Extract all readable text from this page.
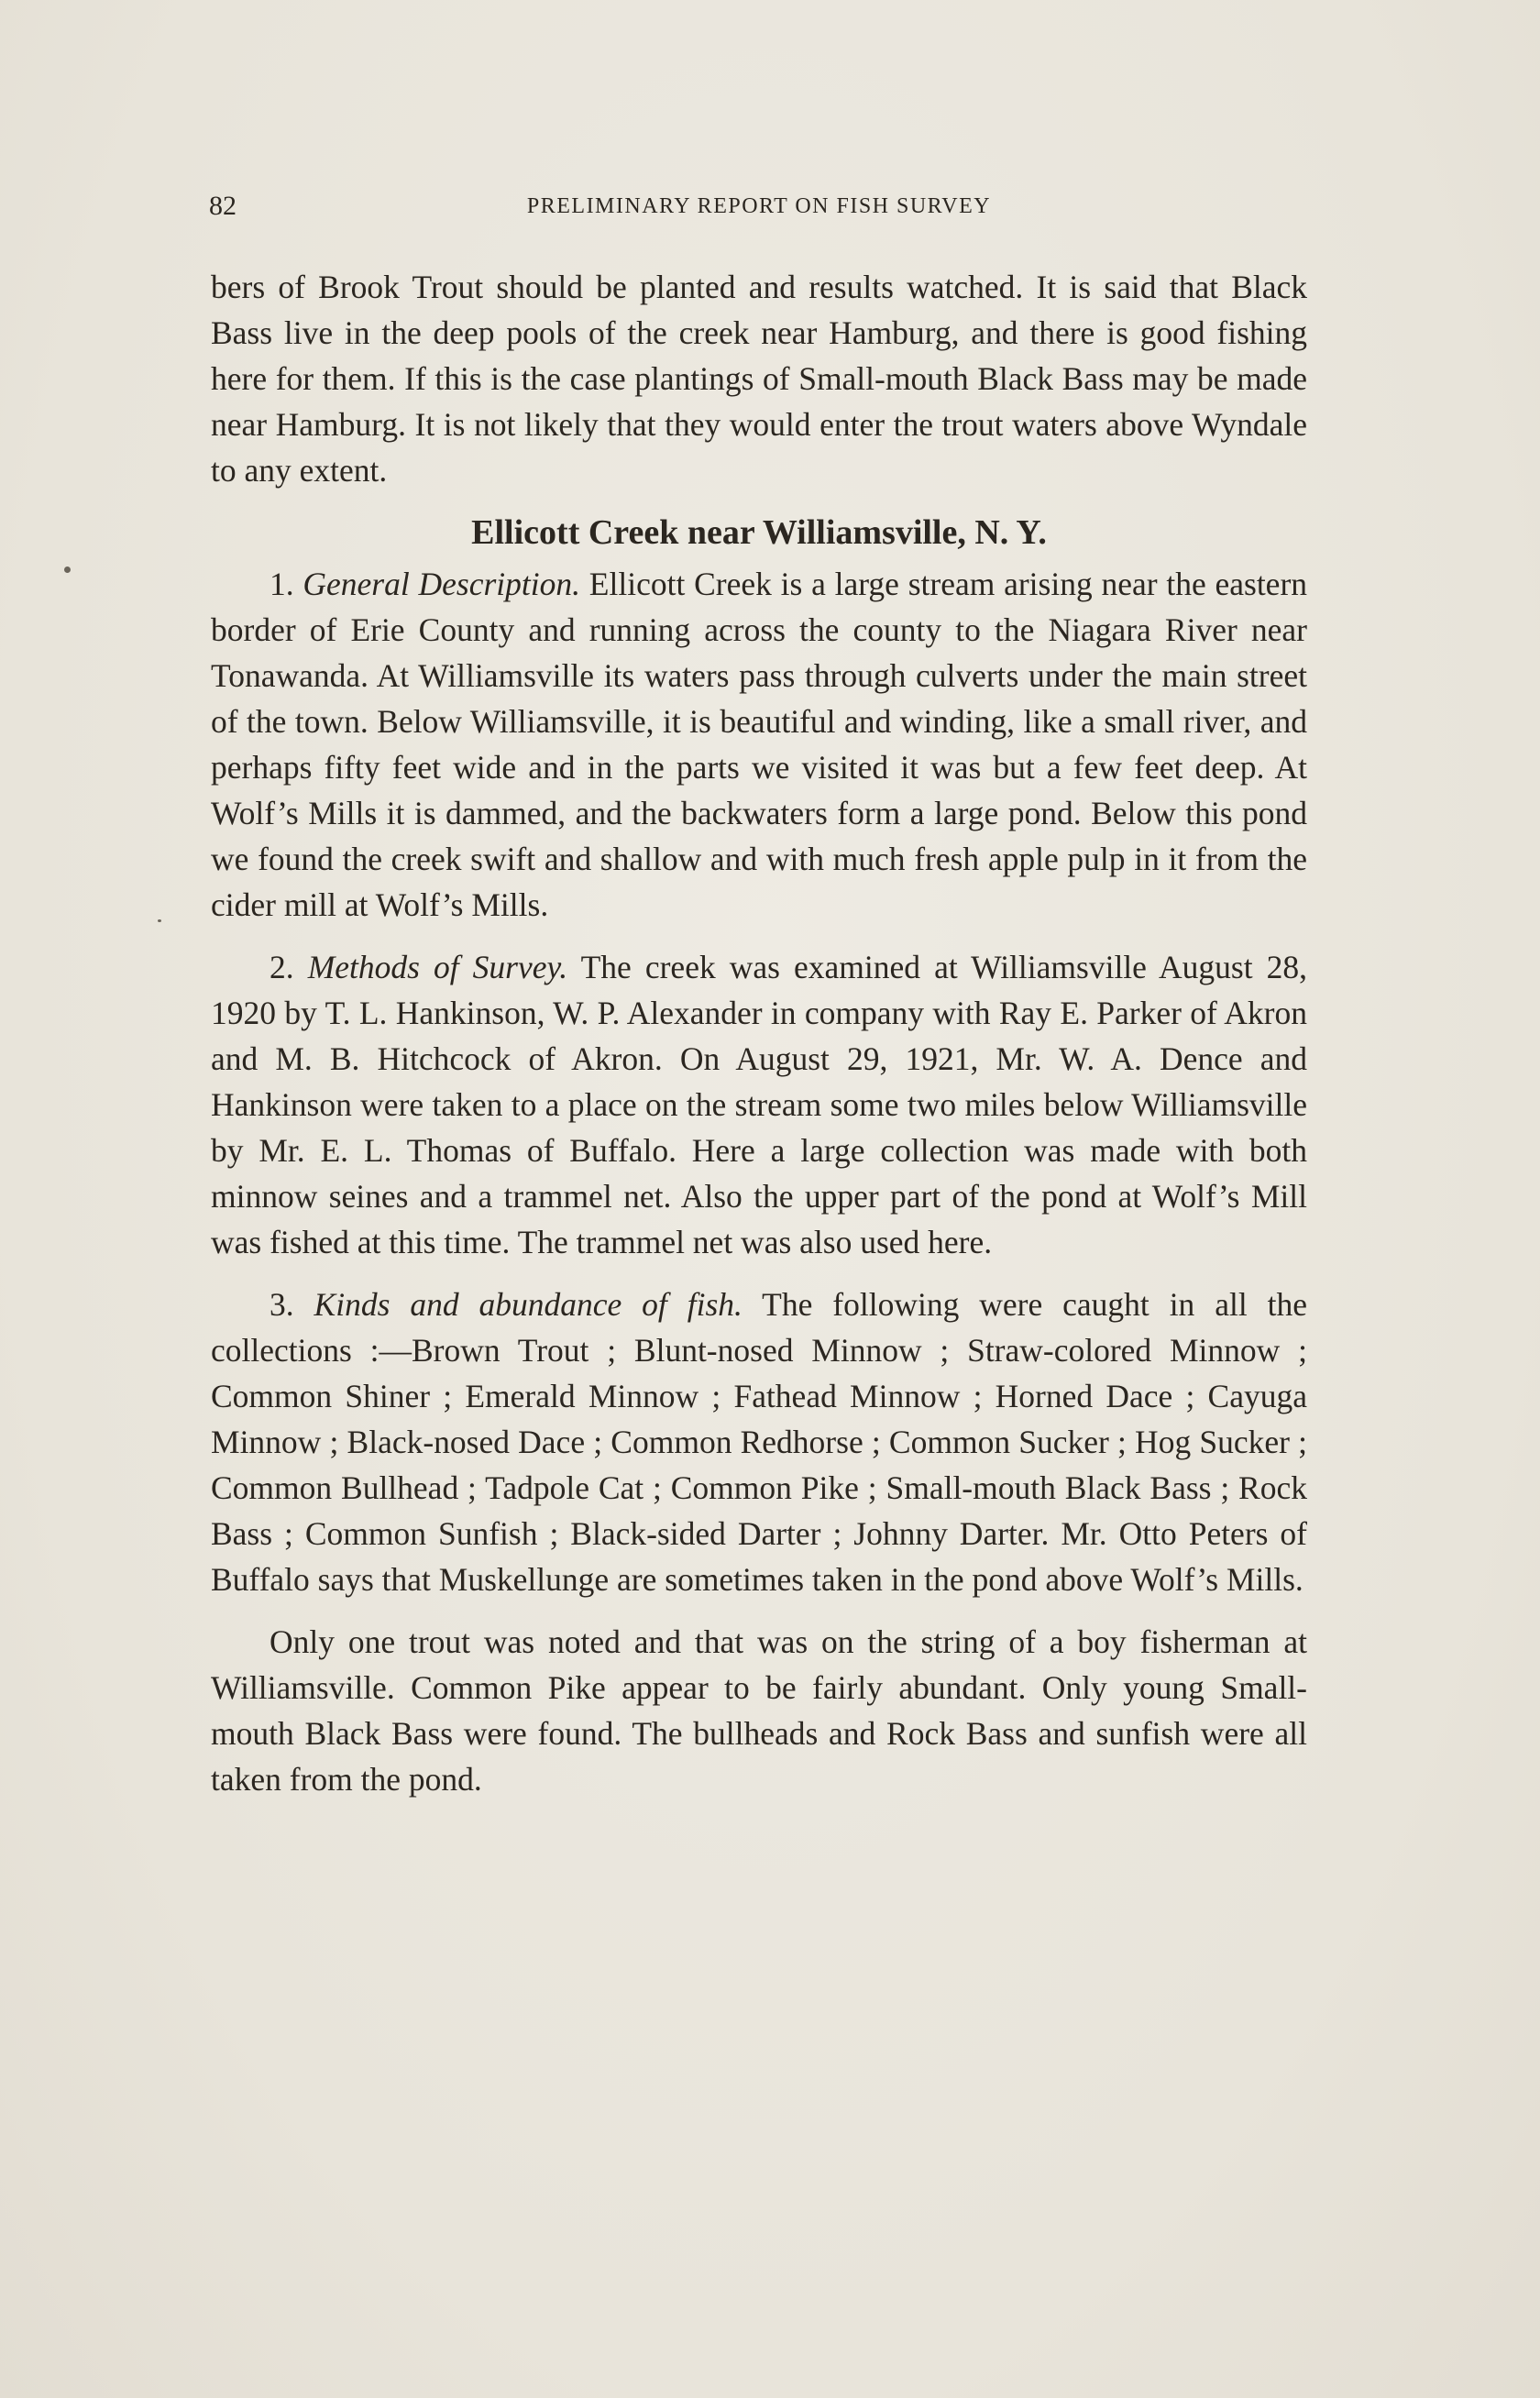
82	PRELIMINARY REPORT ON FISH SURVEY

bers of Brook Trout should be planted and results watched. It is said that Black Bass live in the deep pools of the creek near Hamburg, and there is good fishing here for them. If this is the case plantings of Small-mouth Black Bass may be made near Hamburg. It is not likely that they would enter the trout waters above Wyndale to any extent.

Ellicott Creek near Williamsville, N. Y.

1. General Description. Ellicott Creek is a large stream arising near the eastern border of Erie County and running across the county to the Niagara River near Tonawanda. At Williamsville its waters pass through culverts under the main street of the town. Below Williamsville, it is beautiful and winding, like a small river, and perhaps fifty feet wide and in the parts we visited it was but a few feet deep. At Wolf’s Mills it is dammed, and the backwaters form a large pond. Below this pond we found the creek swift and shallow and with much fresh apple pulp in it from the cider mill at Wolf’s Mills.

2. Methods of Survey. The creek was examined at Williamsville August 28, 1920 by T. L. Hankinson, W. P. Alexander in company with Ray E. Parker of Akron and M. B. Hitchcock of Akron. On August 29, 1921, Mr. W. A. Dence and Hankinson were taken to a place on the stream some two miles below Williamsville by Mr. E. L. Thomas of Buffalo. Here a large collection was made with both minnow seines and a trammel net. Also the upper part of the pond at Wolf’s Mill was fished at this time. The trammel net was also used here.

3. Kinds and abundance of fish. The following were caught in all the collections :—Brown Trout ; Blunt-nosed Minnow ; Straw-colored Minnow ; Common Shiner ; Emerald Minnow ; Fathead Minnow ; Horned Dace ; Cayuga Minnow ; Black-nosed Dace ; Common Redhorse ; Common Sucker ; Hog Sucker ; Common Bullhead ; Tadpole Cat ; Common Pike ; Small-mouth Black Bass ; Rock Bass ; Common Sunfish ; Black-sided Darter ; Johnny Darter. Mr. Otto Peters of Buffalo says that Muskellunge are sometimes taken in the pond above Wolf’s Mills.

Only one trout was noted and that was on the string of a boy fisherman at Williamsville. Common Pike appear to be fairly abundant. Only young Small-mouth Black Bass were found. The bullheads and Rock Bass and sunfish were all taken from the pond.
